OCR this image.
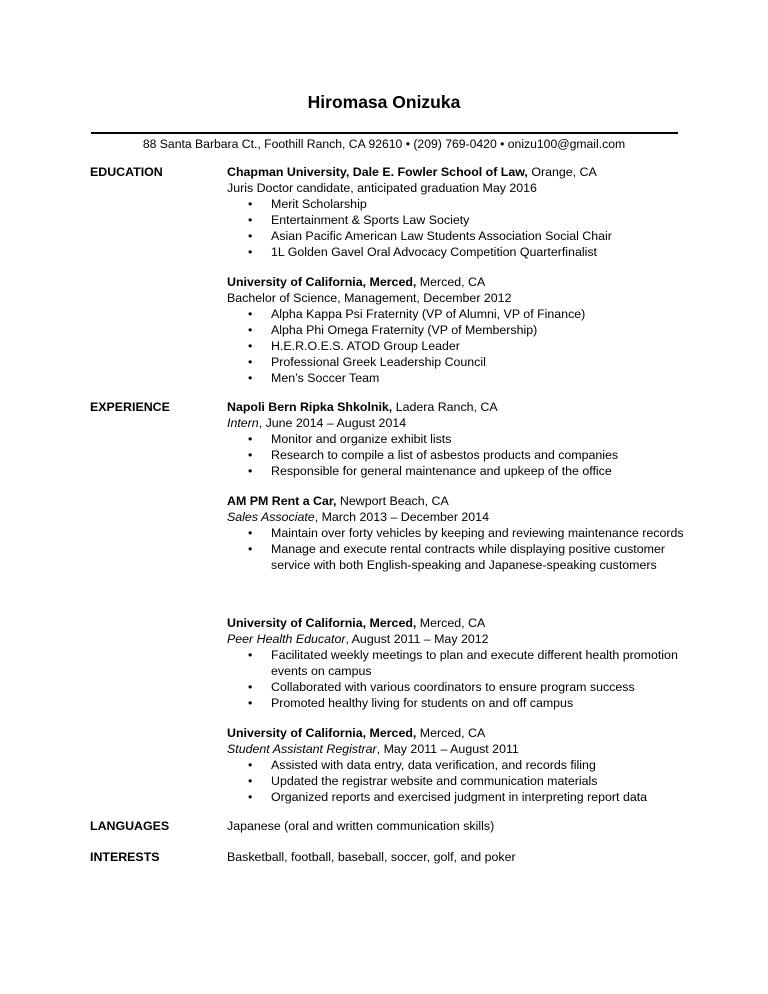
Hiromasa Onizuka
88 Santa Barbara Ct., Foothill Ranch, CA 92610 • (209) 769-0420 • onizu100@gmail.com
EDUCATION	Chapman University, Dale E. Fowler School of Law, Orange, CA
Juris Doctor candidate, anticipated graduation May 2016
• Merit Scholarship
• Entertainment & Sports Law Society
• Asian Pacific American Law Students Association Social Chair
• 1L Golden Gavel Oral Advocacy Competition Quarterfinalist
University of California, Merced, Merced, CA
Bachelor of Science, Management, December 2012
• Alpha Kappa Psi Fraternity (VP of Alumni, VP of Finance)
• Alpha Phi Omega Fraternity (VP of Membership)
• H.E.R.O.E.S. ATOD Group Leader
• Professional Greek Leadership Council
• Men’s Soccer Team
EXPERIENCE	Napoli Bern Ripka Shkolnik, Ladera Ranch, CA
Intern, June 2014 – August 2014
• Monitor and organize exhibit lists
• Research to compile a list of asbestos products and companies
• Responsible for general maintenance and upkeep of the office
AM PM Rent a Car, Newport Beach, CA
Sales Associate, March 2013 – December 2014
• Maintain over forty vehicles by keeping and reviewing maintenance records
• Manage and execute rental contracts while displaying positive customer service with both English-speaking and Japanese-speaking customers
University of California, Merced, Merced, CA
Peer Health Educator, August 2011 – May 2012
• Facilitated weekly meetings to plan and execute different health promotion events on campus
• Collaborated with various coordinators to ensure program success
• Promoted healthy living for students on and off campus
University of California, Merced, Merced, CA
Student Assistant Registrar, May 2011 – August 2011
• Assisted with data entry, data verification, and records filing
• Updated the registrar website and communication materials
• Organized reports and exercised judgment in interpreting report data
LANGUAGES	Japanese (oral and written communication skills)
INTERESTS	Basketball, football, baseball, soccer, golf, and poker
